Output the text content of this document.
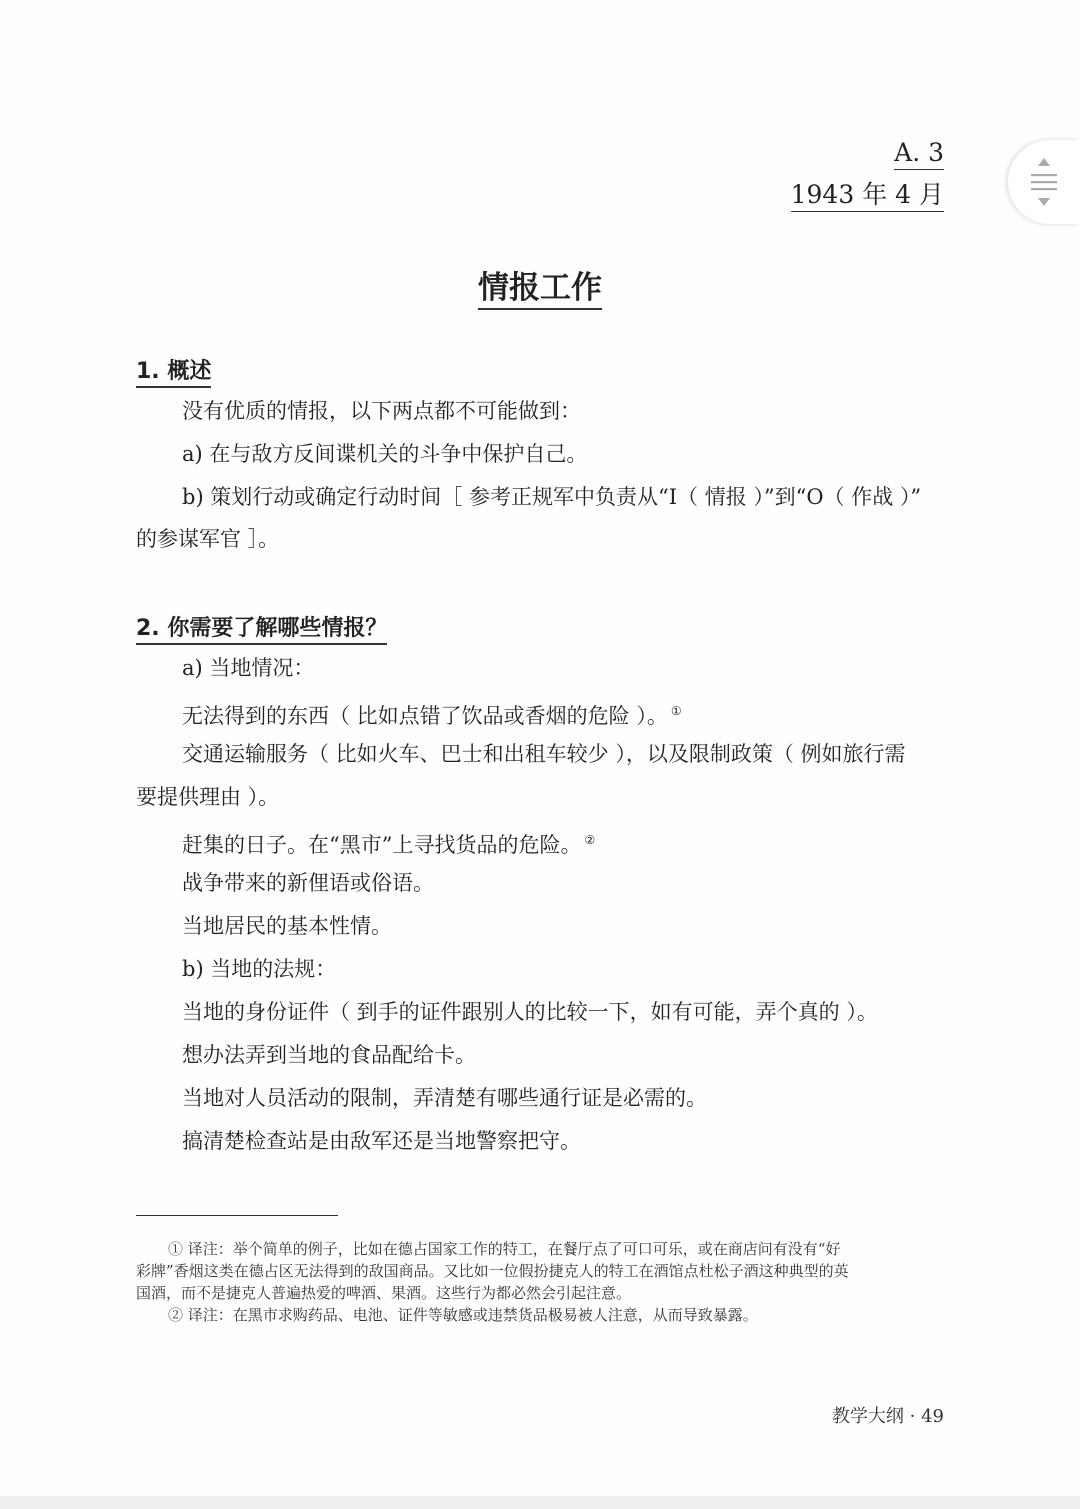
A. 3
1943 年 4 月
情报工作
1. 概述
没有优质的情报，以下两点都不可能做到：
a) 在与敌方反间谍机关的斗争中保护自己。
b) 策划行动或确定行动时间［ 参考正规军中负责从“I（ 情报 ）”到“O（ 作战 ）”
的参谋军官 ］。
2. 你需要了解哪些情报？
a) 当地情况：
无法得到的东西（ 比如点错了饮品或香烟的危险 ）。 ①
交通运输服务（ 比如火车、巴士和出租车较少 ），以及限制政策（ 例如旅行需
要提供理由 ）。
赶集的日子。在“黑市”上寻找货品的危险。 ②
战争带来的新俚语或俗语。
当地居民的基本性情。
b) 当地的法规：
当地的身份证件（ 到手的证件跟别人的比较一下，如有可能，弄个真的 ）。
想办法弄到当地的食品配给卡。
当地对人员活动的限制，弄清楚有哪些通行证是必需的。
搞清楚检查站是由敌军还是当地警察把守。
① 译注：举个简单的例子，比如在德占国家工作的特工，在餐厅点了可口可乐，或在商店问有没有“好
彩牌”香烟这类在德占区无法得到的敌国商品。又比如一位假扮捷克人的特工在酒馆点杜松子酒这种典型的英
国酒，而不是捷克人普遍热爱的啤酒、果酒。这些行为都必然会引起注意。
② 译注：在黑市求购药品、电池、证件等敏感或违禁货品极易被人注意，从而导致暴露。
教学大纲 · 49
